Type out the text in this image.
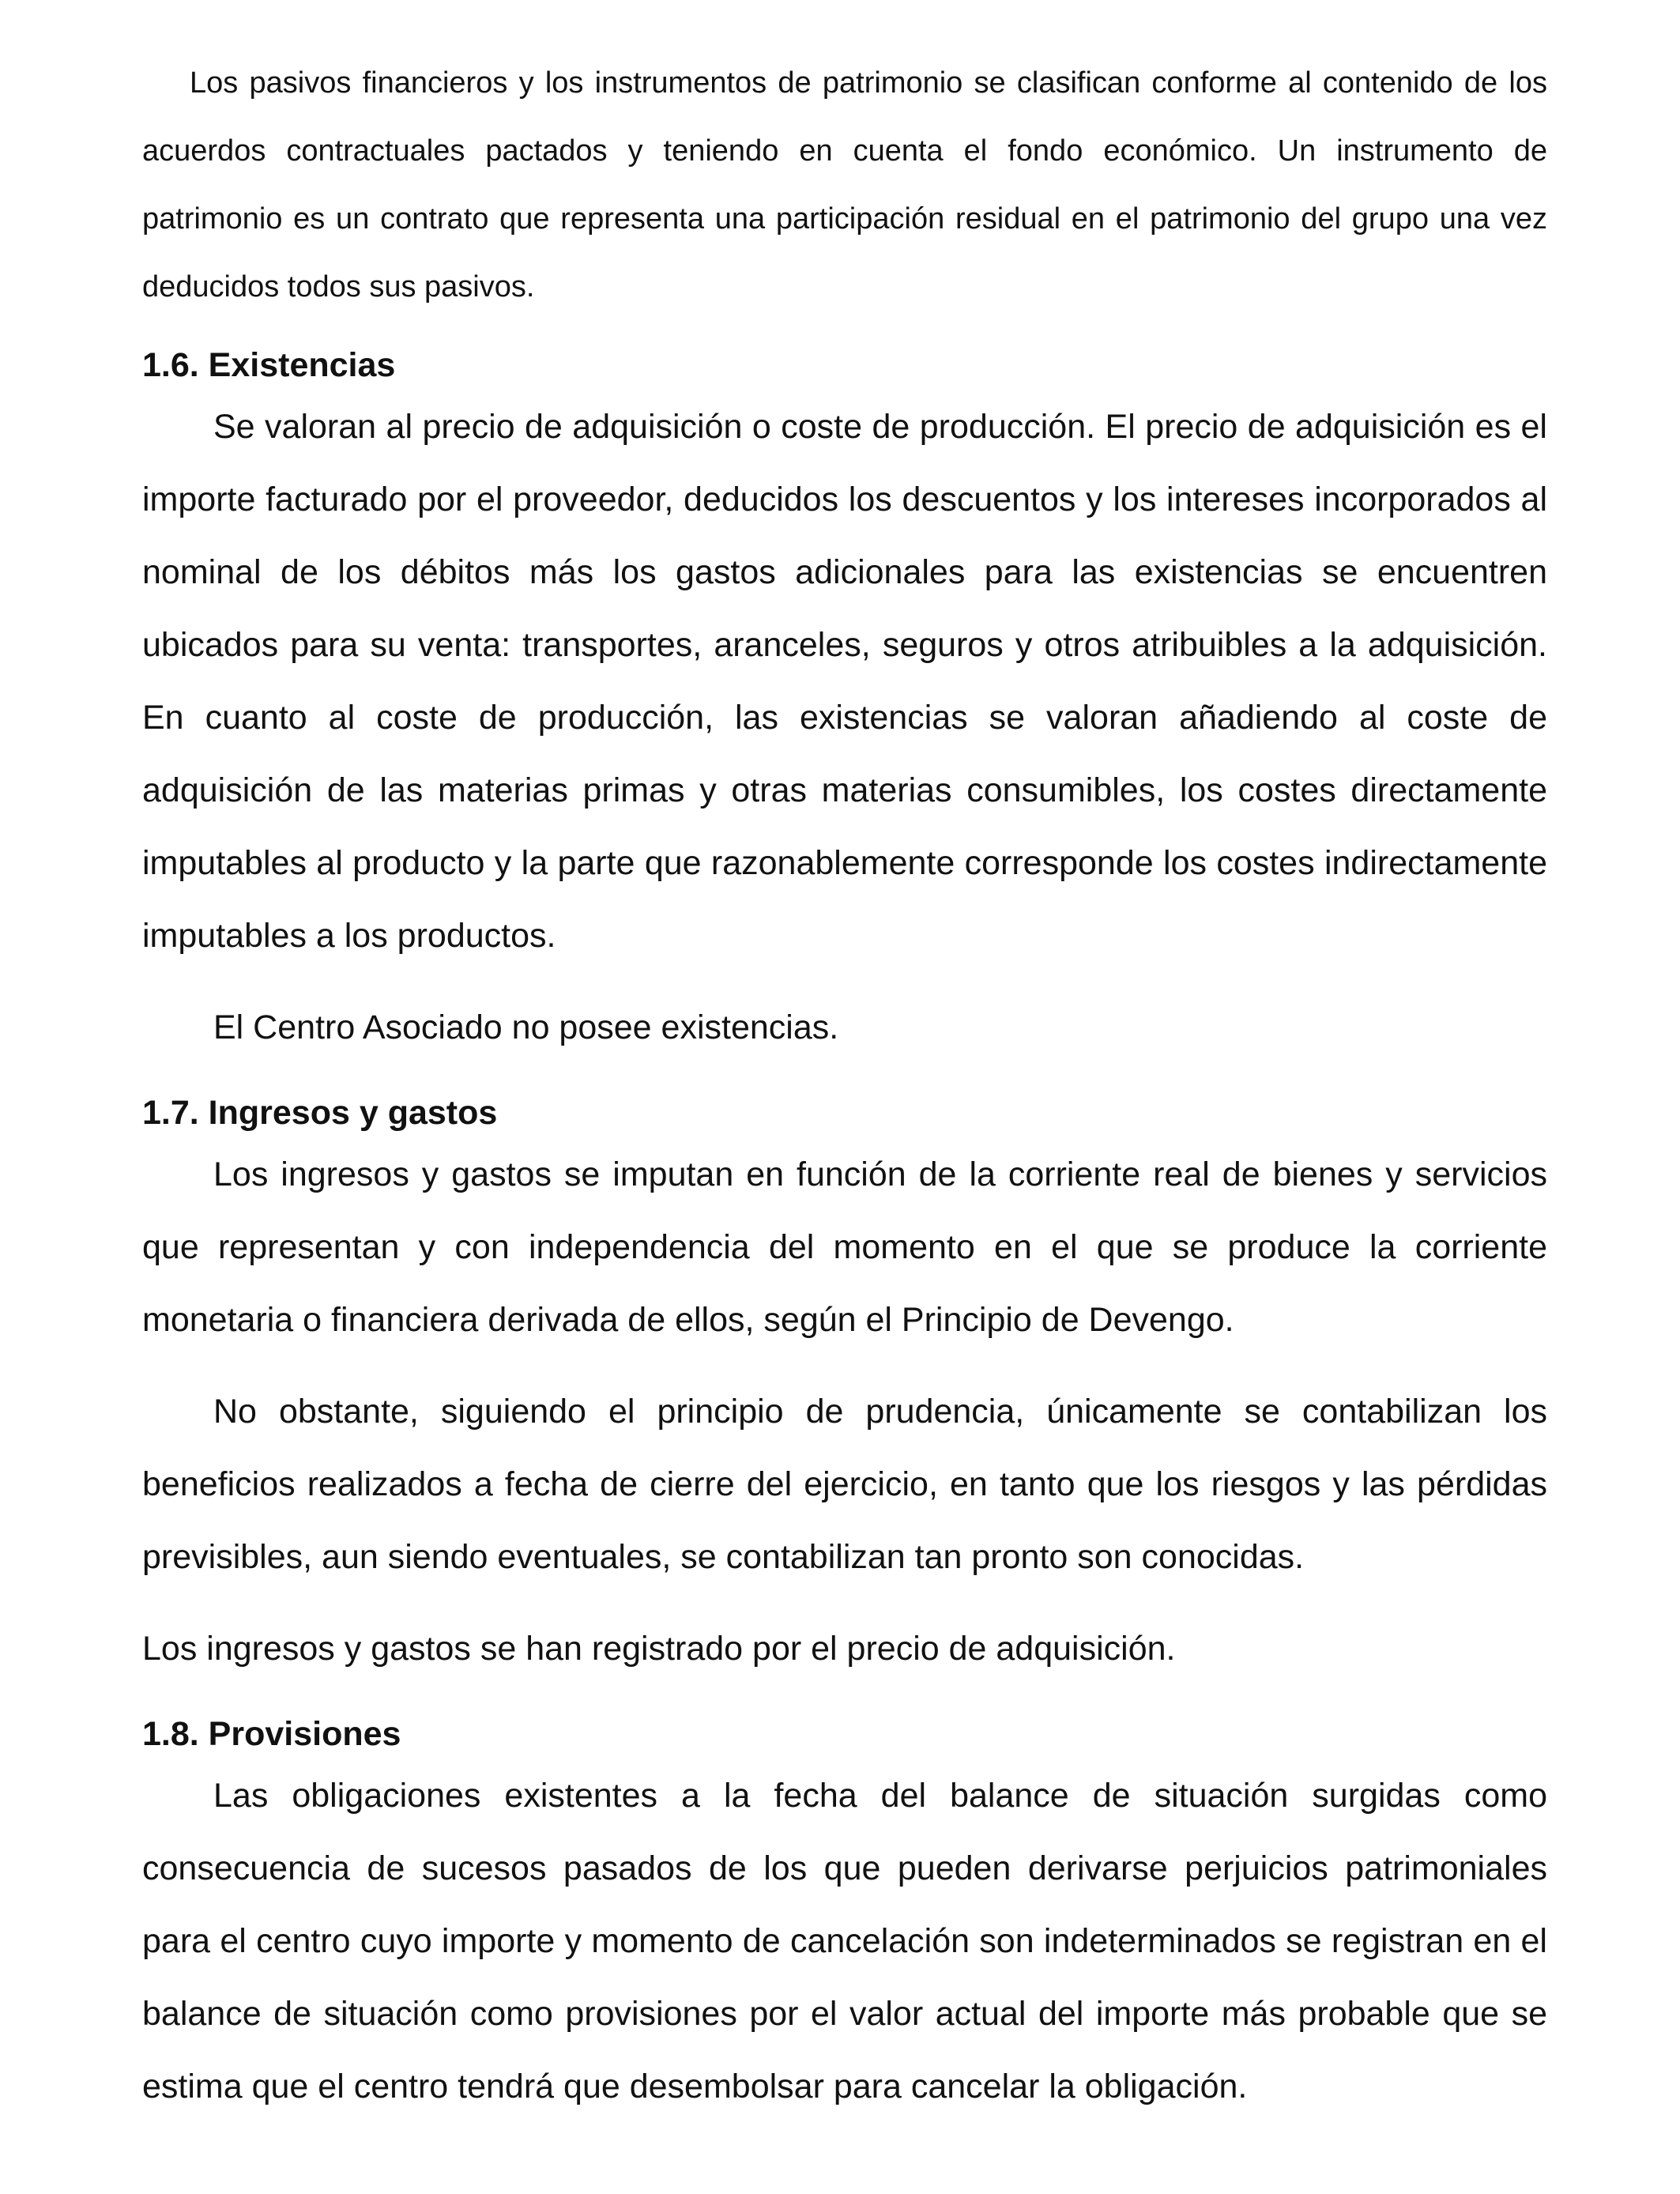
Los pasivos financieros y los instrumentos de patrimonio se clasifican conforme al contenido de los acuerdos contractuales pactados y teniendo en cuenta el fondo económico. Un instrumento de patrimonio es un contrato que representa una participación residual en el patrimonio del grupo una vez deducidos todos sus pasivos.

1.6. Existencias

Se valoran al precio de adquisición o coste de producción. El precio de adquisición es el importe facturado por el proveedor, deducidos los descuentos y los intereses incorporados al nominal de los débitos más los gastos adicionales para las existencias se encuentren ubicados para su venta: transportes, aranceles, seguros y otros atribuibles a la adquisición. En cuanto al coste de producción, las existencias se valoran añadiendo al coste de adquisición de las materias primas y otras materias consumibles, los costes directamente imputables al producto y la parte que razonablemente corresponde los costes indirectamente imputables a los productos.

El Centro Asociado no posee existencias.

1.7. Ingresos y gastos

Los ingresos y gastos se imputan en función de la corriente real de bienes y servicios que representan y con independencia del momento en el que se produce la corriente monetaria o financiera derivada de ellos, según el Principio de Devengo.

No obstante, siguiendo el principio de prudencia, únicamente se contabilizan los beneficios realizados a fecha de cierre del ejercicio, en tanto que los riesgos y las pérdidas previsibles, aun siendo eventuales, se contabilizan tan pronto son conocidas.

Los ingresos y gastos se han registrado por el precio de adquisición.

1.8. Provisiones

Las obligaciones existentes a la fecha del balance de situación surgidas como consecuencia de sucesos pasados de los que pueden derivarse perjuicios patrimoniales para el centro cuyo importe y momento de cancelación son indeterminados se registran en el balance de situación como provisiones por el valor actual del importe más probable que se estima que el centro tendrá que desembolsar para cancelar la obligación.
